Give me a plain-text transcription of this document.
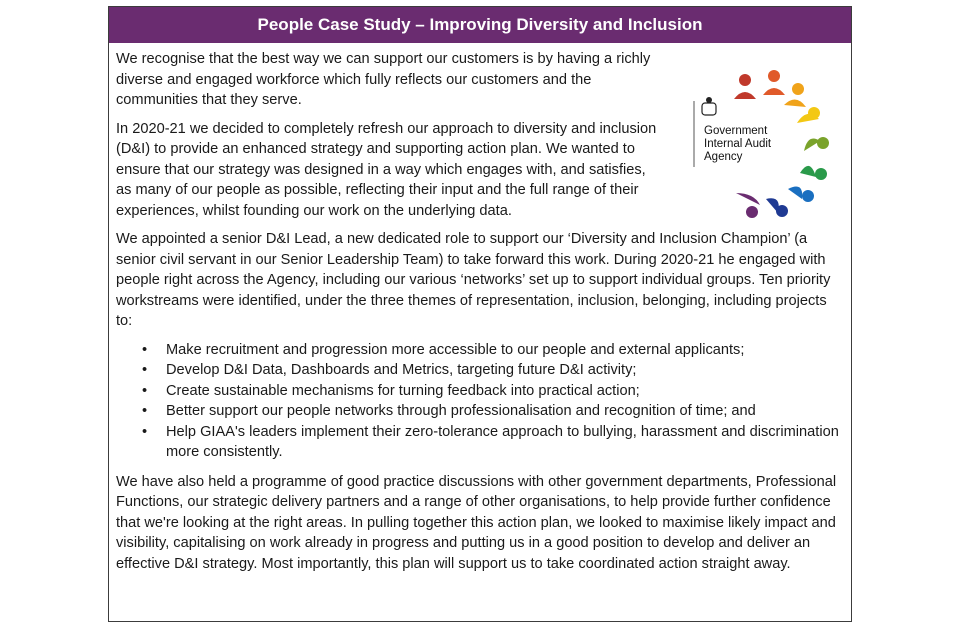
People Case Study – Improving Diversity and Inclusion
Government
Internal Audit
Agency

We recognise that the best way we can support our customers is by having a richly diverse and engaged workforce which fully reflects our customers and the communities that they serve.

In 2020-21 we decided to completely refresh our approach to diversity and inclusion (D&I) to provide an enhanced strategy and supporting action plan. We wanted to ensure that our strategy was designed in a way which engages with, and satisfies, as many of our people as possible, reflecting their input and the full range of their experiences, whilst founding our work on the underlying data.

We appointed a senior D&I Lead, a new dedicated role to support our ‘Diversity and Inclusion Champion’ (a senior civil servant in our Senior Leadership Team) to take forward this work. During 2020-21 he engaged with people right across the Agency, including our various ‘networks’ set up to support individual groups. Ten priority workstreams were identified, under the three themes of representation, inclusion, belonging, including projects to:

• Make recruitment and progression more accessible to our people and external applicants;
• Develop D&I Data, Dashboards and Metrics, targeting future D&I activity;
• Create sustainable mechanisms for turning feedback into practical action;
• Better support our people networks through professionalisation and recognition of time; and
• Help GIAA's leaders implement their zero-tolerance approach to bullying, harassment and discrimination more consistently.

We have also held a programme of good practice discussions with other government departments, Professional Functions, our strategic delivery partners and a range of other organisations, to help provide further confidence that we're looking at the right areas. In pulling together this action plan, we looked to maximise likely impact and visibility, capitalising on work already in progress and putting us in a good position to develop and deliver an effective D&I strategy. Most importantly, this plan will support us to take coordinated action straight away.
